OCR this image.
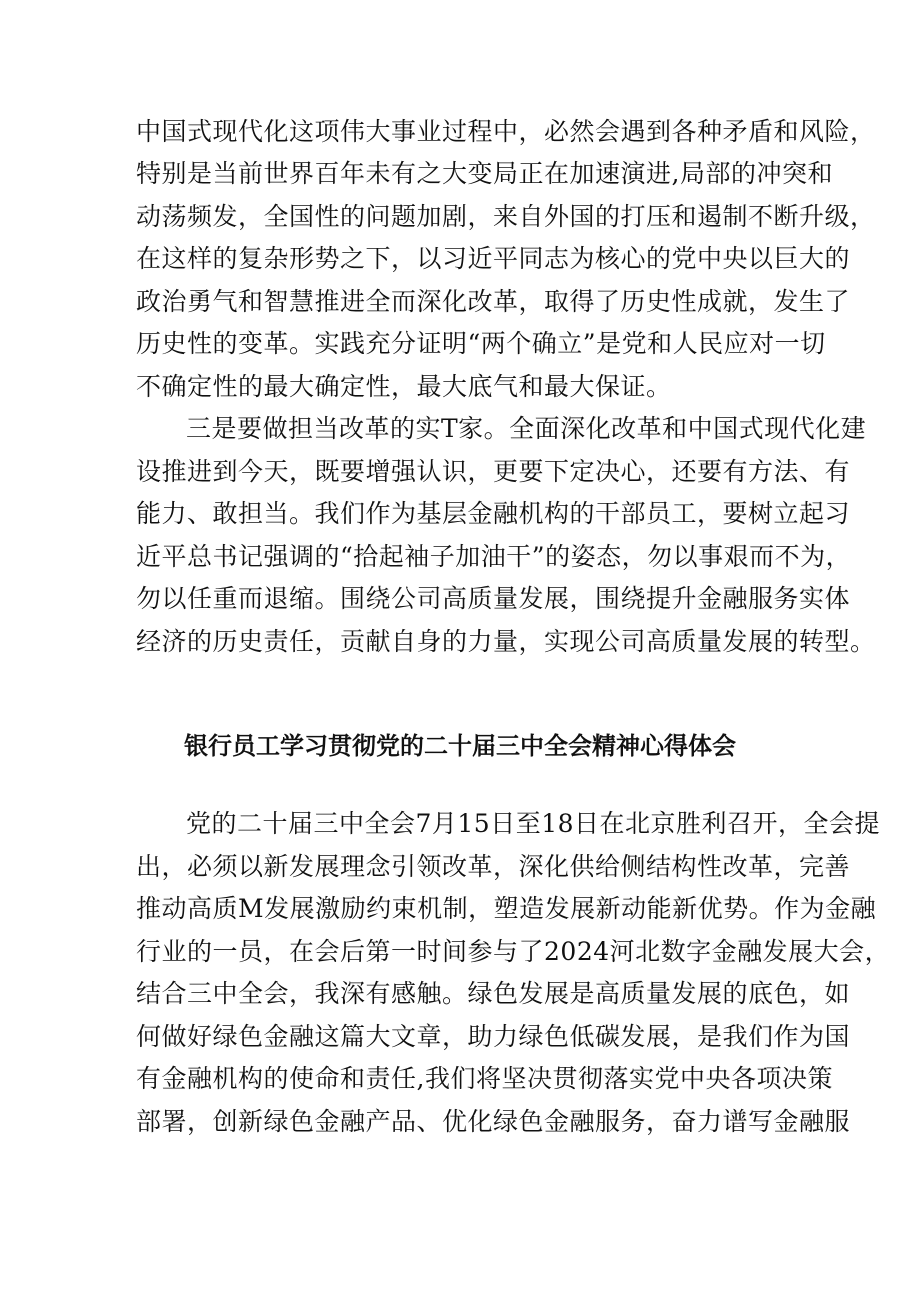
中国式现代化这项伟大事业过程中，必然会遇到各种矛盾和风险，
特别是当前世界百年未有之大变局正在加速演进,局部的冲突和
动荡频发，全国性的问题加剧，来自外国的打压和遏制不断升级，
在这样的复杂形势之下，以习近平同志为核心的党中央以巨大的
政治勇气和智慧推进全而深化改革，取得了历史性成就，发生了
历史性的变革。实践充分证明“两个确立”是党和人民应对一切
不确定性的最大确定性，最大底气和最大保证。
三是要做担当改革的实T家。全面深化改革和中国式现代化建
设推进到今天，既要增强认识，更要下定决心，还要有方法、有
能力、敢担当。我们作为基层金融机构的干部员工，要树立起习
近平总书记强调的“拾起袖子加油干”的姿态，勿以事艰而不为，
勿以任重而退缩。围绕公司高质量发展，围绕提升金融服务实体
经济的历史责任，贡献自身的力量，实现公司高质量发展的转型。
银行员工学习贯彻党的二十届三中全会精神心得体会
党的二十届三中全会7月15日至18日在北京胜利召开，全会提
出，必须以新发展理念引领改革，深化供给侧结构性改革，完善
推动高质M发展激励约束机制，塑造发展新动能新优势。作为金融
行业的一员，在会后第一时间参与了2024河北数字金融发展大会，
结合三中全会，我深有感触。绿色发展是高质量发展的底色，如
何做好绿色金融这篇大文章，助力绿色低碳发展，是我们作为国
有金融机构的使命和责任,我们将坚决贯彻落实党中央各项决策
部署，创新绿色金融产品、优化绿色金融服务，奋力谱写金融服
